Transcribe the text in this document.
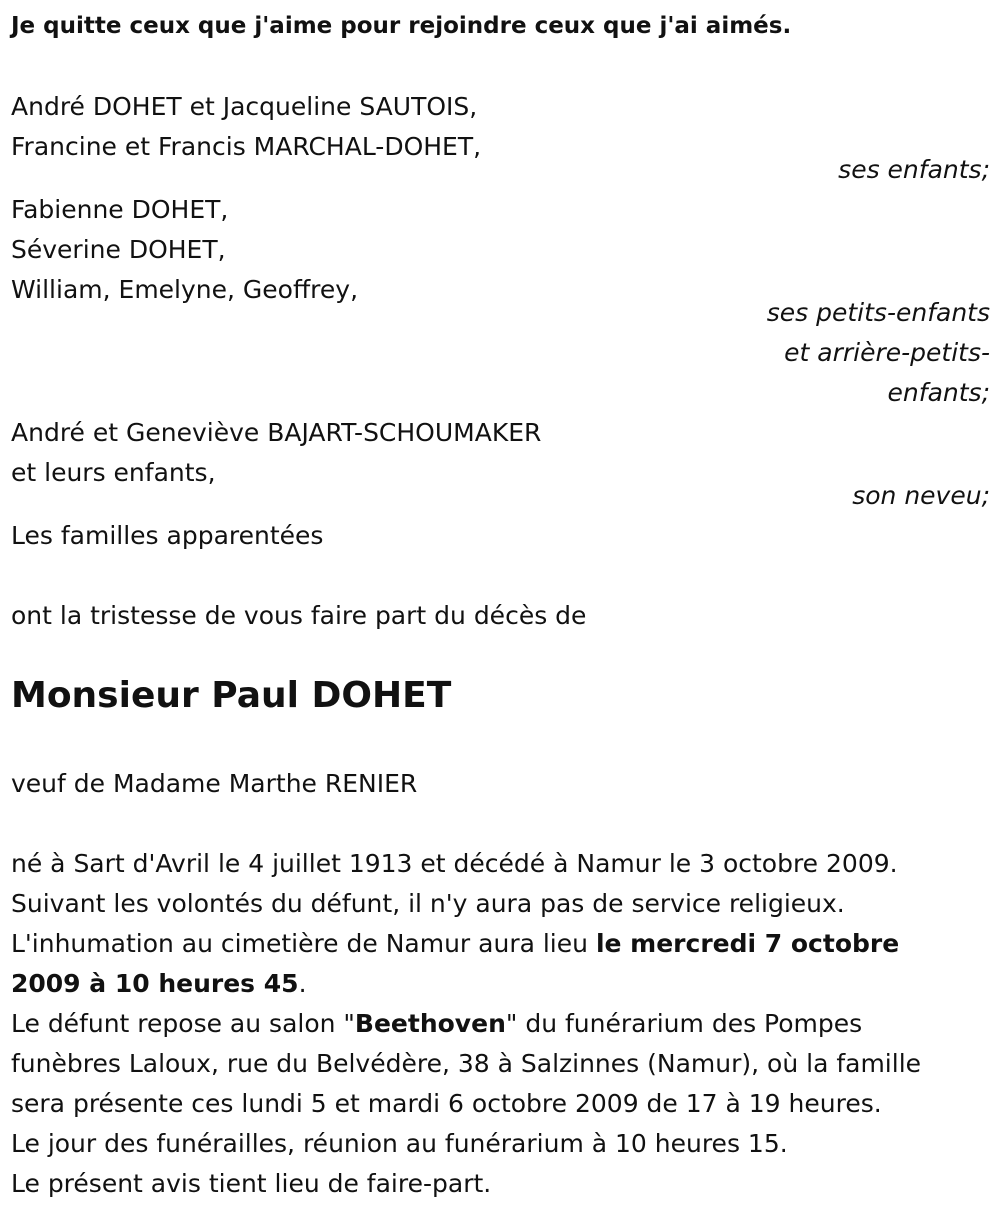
Je quitte ceux que j'aime pour rejoindre ceux que j'ai aimés.
André DOHET et Jacqueline SAUTOIS,
Francine et Francis MARCHAL-DOHET,
ses enfants;
Fabienne DOHET,
Séverine DOHET,
William, Emelyne, Geoffrey,
ses petits-enfants
et arrière-petits-
enfants;
André et Geneviève BAJART-SCHOUMAKER
et leurs enfants,
son neveu;
Les familles apparentées
ont la tristesse de vous faire part du décès de
Monsieur Paul DOHET
veuf de Madame Marthe RENIER
né à Sart d'Avril le 4 juillet 1913 et décédé à Namur le 3 octobre 2009.
Suivant les volontés du défunt, il n'y aura pas de service religieux.
L'inhumation au cimetière de Namur aura lieu le mercredi 7 octobre
2009 à 10 heures 45.
Le défunt repose au salon "Beethoven" du funérarium des Pompes
funèbres Laloux, rue du Belvédère, 38 à Salzinnes (Namur), où la famille
sera présente ces lundi 5 et mardi 6 octobre 2009 de 17 à 19 heures.
Le jour des funérailles, réunion au funérarium à 10 heures 15.
Le présent avis tient lieu de faire-part.
